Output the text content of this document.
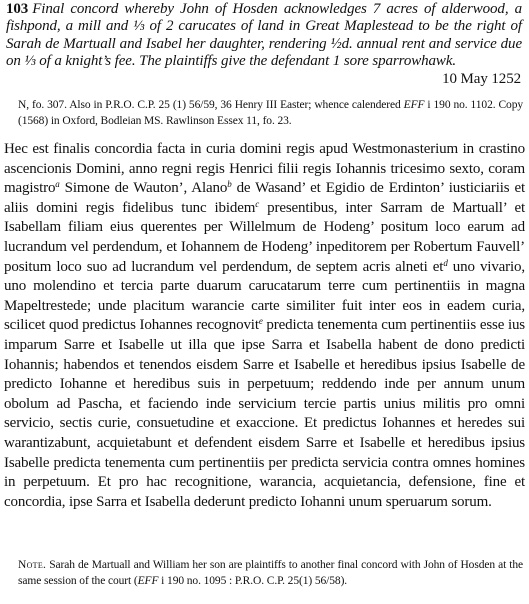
103 Final concord whereby John of Hosden acknowledges 7 acres of alderwood, a fishpond, a mill and ⅓ of 2 carucates of land in Great Maplestead to be the right of Sarah de Martuall and Isabel her daughter, rendering ½d. annual rent and service due on ⅓ of a knight’s fee. The plaintiffs give the defendant 1 sore sparrowhawk.
10 May 1252
N, fo. 307. Also in P.R.O. C.P. 25 (1) 56/59, 36 Henry III Easter; whence calendered EFF i 190 no. 1102. Copy (1568) in Oxford, Bodleian MS. Rawlinson Essex 11, fo. 23.

Hec est finalis concordia facta in curia domini regis apud Westmonasterium in crastino ascencionis Domini, anno regni regis Henrici filii regis Iohannis tricesimo sexto, coram magistro$^a$ Simone de Wauton’, Alano$^b$ de Wasand’ et Egidio de Erdinton’ iusticiariis et aliis domini regis fidelibus tunc ibidem$^c$ presentibus, inter Sarram de Martuall’ et Isabellam filiam eius querentes per Willelmum de Hodeng’ positum loco earum ad lucrandum vel perdendum, et Iohannem de Hodeng’ inpeditorem per Robertum Fauvell’ positum loco suo ad lucrandum vel perdendum, de septem acris alneti $et^d$ uno vivario, uno molendino et tercia parte duarum carucatarum terre cum pertinentiis in magna Mapeltrestede; unde placitum warancie carte similiter fuit inter eos in eadem curia, scilicet quod predictus Iohannes recognovit$^e$ predicta tenementa cum pertinentiis esse ius imparum Sarre et Isabelle ut illa que ipse Sarra et Isabella habent de dono predicti Iohannis; habendos et tenendos eisdem Sarre et Isabelle et heredibus ipsius Isabelle de predicto Iohanne et heredibus suis in perpetuum; reddendo inde per annum unum obolum ad Pascha, et faciendo inde servicium tercie partis unius militis pro omni servicio, sectis curie, consuetudine et exaccione. Et predictus Iohannes et heredes sui warantizabunt, acquietabunt et defendent eisdem Sarre et Isabelle et heredibus ipsius Isabelle predicta tenementa cum pertinentiis per predicta servicia contra omnes homines in perpetuum. Et pro hac recognitione, warancia, acquietancia, defensione, fine et concordia, ipse Sarra et Isabella dederunt predicto Iohanni unum speruarum sorum.

Note. Sarah de Martuall and William her son are plaintiffs to another final concord with John of Hosden at the same session of the court (EFF i 190 no. 1095 : P.R.O. C.P. 25(1) 56/58).
